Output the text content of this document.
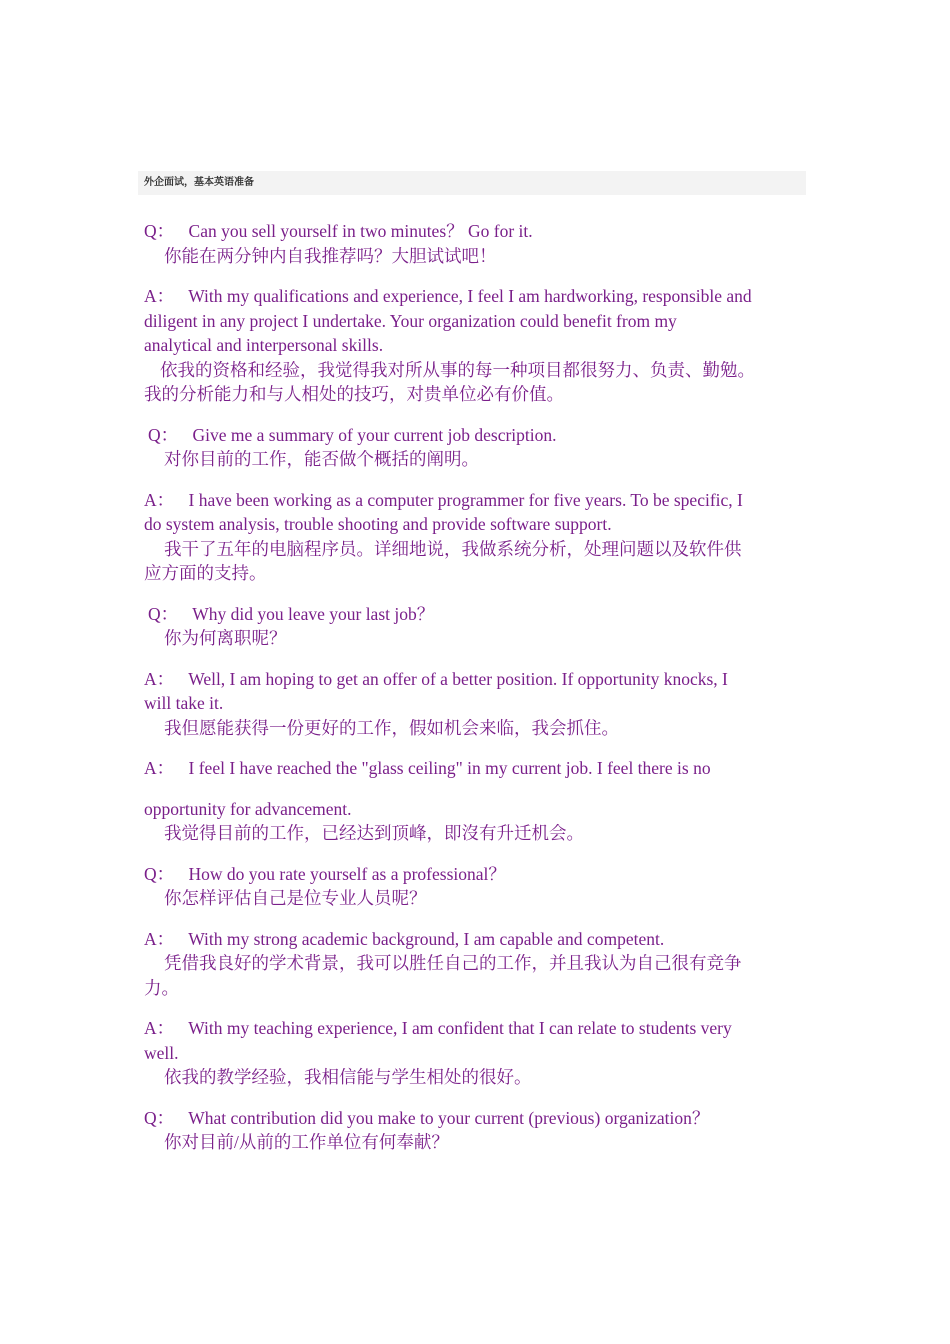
外企面试，基本英语准备
Q： Can you sell yourself in two minutes？ Go for it.
你能在两分钟内自我推荐吗？大胆试试吧！
A： With my qualifications and experience, I feel I am hardworking, responsible and
diligent in any project I undertake. Your organization could benefit from my
analytical and interpersonal skills.
依我的资格和经验，我觉得我对所从事的每一种项目都很努力、负责、勤勉。
我的分析能力和与人相处的技巧，对贵单位必有价值。
Q： Give me a summary of your current job description.
对你目前的工作，能否做个概括的阐明。
A： I have been working as a computer programmer for five years. To be specific, I
do system analysis, trouble shooting and provide software support.
我干了五年的电脑程序员。详细地说，我做系统分析，处理问题以及软件供
应方面的支持。
Q： Why did you leave your last job？
你为何离职呢？
A： Well, I am hoping to get an offer of a better position. If opportunity knocks, I
will take it.
我但愿能获得一份更好的工作，假如机会来临，我会抓住。
A： I feel I have reached the "glass ceiling" in my current job. I feel there is no
opportunity for advancement.
我觉得目前的工作，已经达到顶峰，即沒有升迁机会。
Q： How do you rate yourself as a professional？
你怎样评估自己是位专业人员呢？
A： With my strong academic background, I am capable and competent.
凭借我良好的学术背景，我可以胜任自己的工作，并且我认为自己很有竞争
力。
A： With my teaching experience, I am confident that I can relate to students very
well.
依我的教学经验，我相信能与学生相处的很好。
Q： What contribution did you make to your current (previous) organization？
你对目前/从前的工作单位有何奉献？
